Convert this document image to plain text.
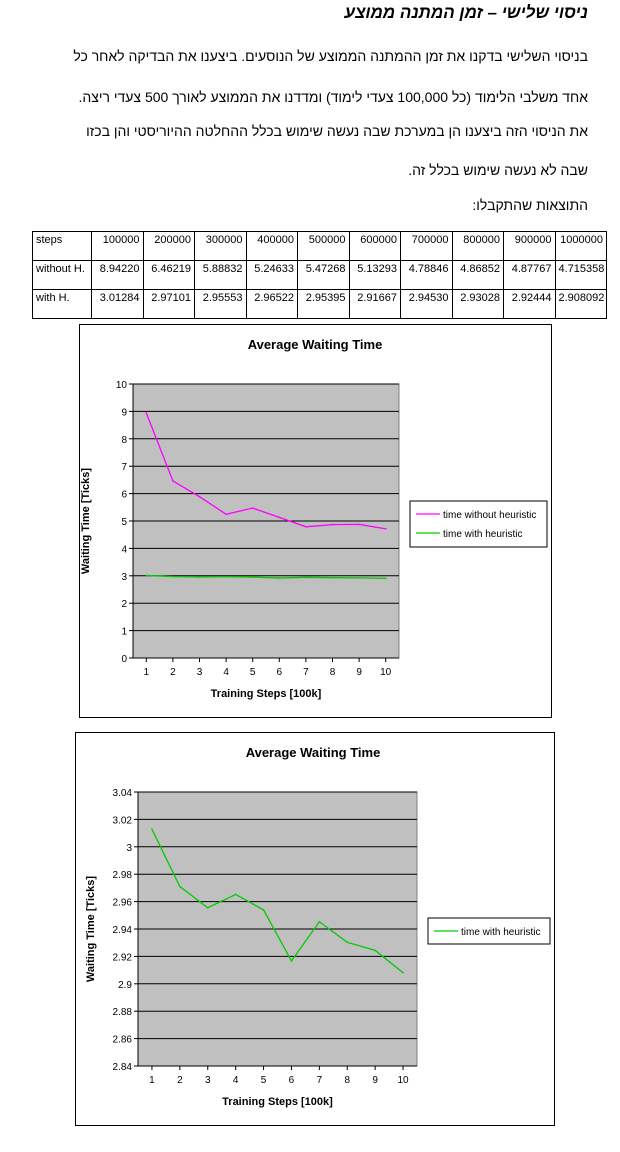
ניסוי שלישי – זמן המתנה ממוצע
בניסוי השלישי בדקנו את זמן ההמתנה הממוצע של הנוסעים. ביצענו את הבדיקה לאחר כל
אחד משלבי הלימוד (כל 100,000 צעדי לימוד) ומדדנו את הממוצע לאורך 500 צעדי ריצה.
את הניסוי הזה ביצענו הן במערכת שבה נעשה שימוש בכלל ההחלטה ההיוריסטי והן בכזו
שבה לא נעשה שימוש בכלל זה.
התוצאות שהתקבלו:
steps	100000	200000	300000	400000	500000	600000	700000	800000	900000	1000000
without H.	8.94220	6.46219	5.88832	5.24633	5.47268	5.13293	4.78846	4.86852	4.87767	4.715358
with H.	3.01284	2.97101	2.95553	2.96522	2.95395	2.91667	2.94530	2.93028	2.92444	2.908092
Average Waiting Time
0
1
2
3
4
5
6
7
8
9
10
1 2 3 4 5 6 7 8 9 10
Training Steps [100k]
Waiting Time [Ticks]	time without heuristic
time with heuristic
Average Waiting Time
2.84
2.86
2.88
2.9
2.92
2.94
2.96
2.98
3
3.02
3.04
1 2 3 4 5 6 7 8 9 10
Training Steps [100k]
Waiting Time [Ticks]	time with heuristic
